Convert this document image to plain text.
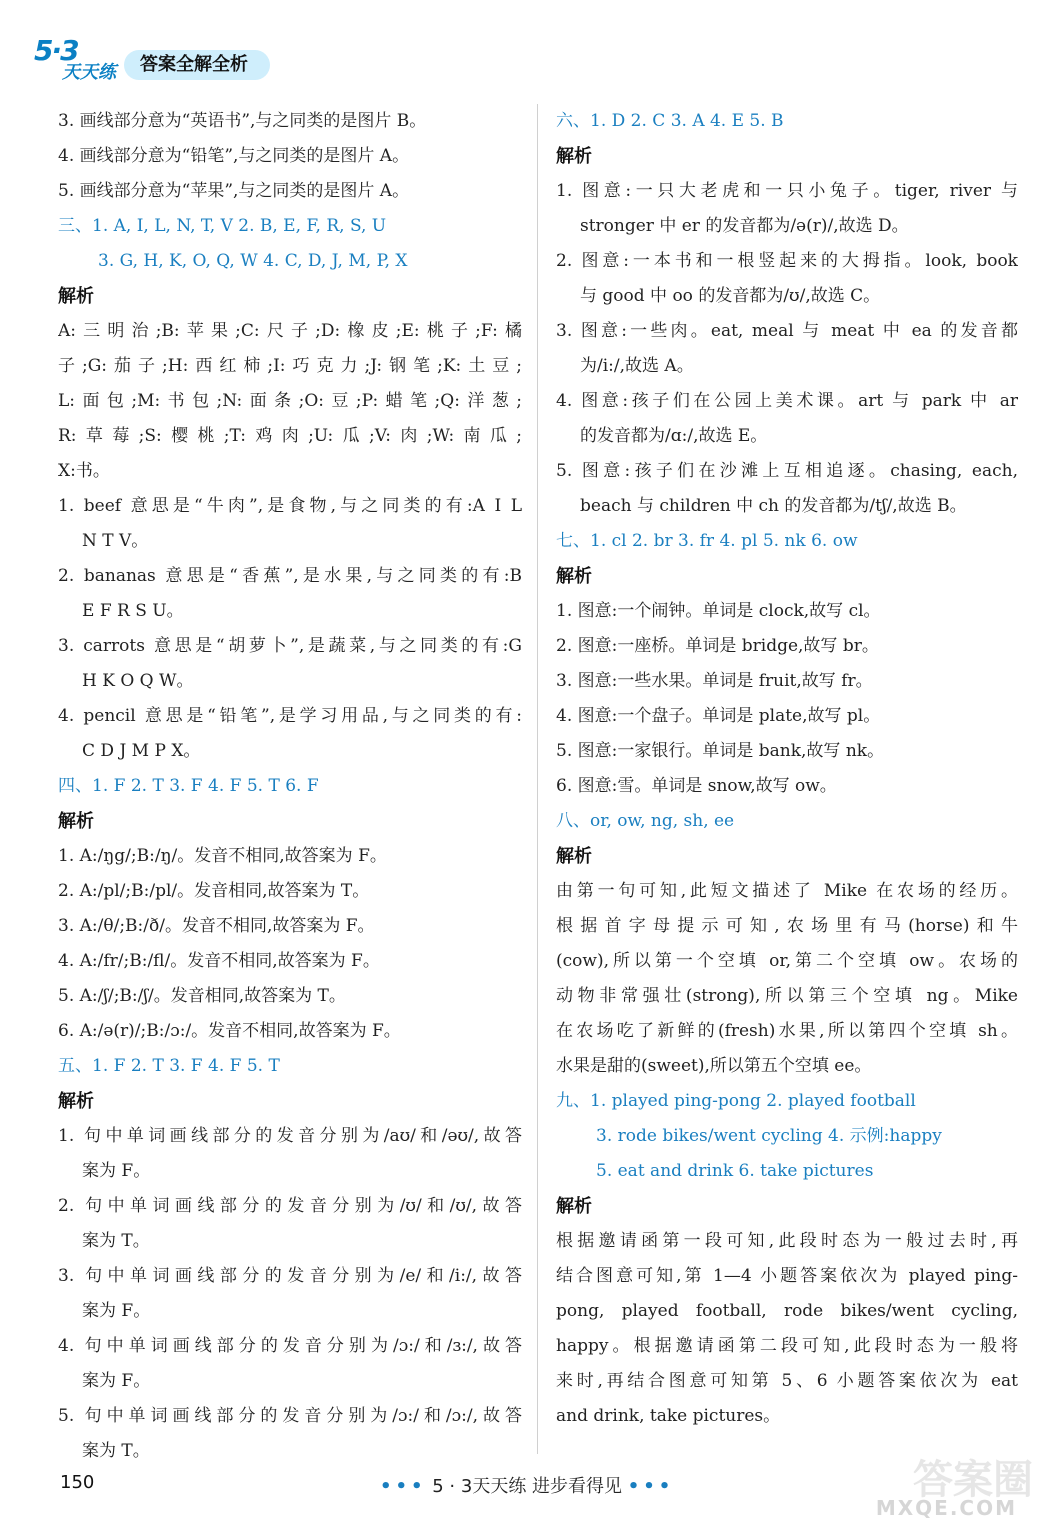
5·3
天天练	答案全解全析
3. 画线部分意为“英语书”,与之同类的是图片 B。
4. 画线部分意为“铅笔”,与之同类的是图片 A。
5. 画线部分意为“苹果”,与之同类的是图片 A。
三、1. A, I, L, N, T, V 2. B, E, F, R, S, U
3. G, H, K, O, Q, W 4. C, D, J, M, P, X
解析
A:三明治;B:苹果;C:尺子;D:橡皮;E:桃子;F:橘
子;G:茄子;H:西红柿;I:巧克力;J:钢笔;K:土豆;
L:面包;M:书包;N:面条;O:豆;P:蜡笔;Q:洋葱;
R:草莓;S:樱桃;T:鸡肉;U:瓜;V:肉;W:南瓜;
X:书。
1. beef 意思是“牛肉”,是食物,与之同类的有:A I L
N T V。
2. bananas 意思是“香蕉”,是水果,与之同类的有:B
E F R S U。
3. carrots 意思是“胡萝卜”,是蔬菜,与之同类的有:G
H K O Q W。
4. pencil 意思是“铅笔”,是学习用品,与之同类的有:
C D J M P X。
四、1. F 2. T 3. F 4. F 5. T 6. F
解析
1. A:/ŋg/;B:/ŋ/。发音不相同,故答案为 F。
2. A:/pl/;B:/pl/。发音相同,故答案为 T。
3. A:/θ/;B:/ð/。发音不相同,故答案为 F。
4. A:/fr/;B:/fl/。发音不相同,故答案为 F。
5. A:/ʃ/;B:/ʃ/。发音相同,故答案为 T。
6. A:/ə(r)/;B:/ɔ:/。发音不相同,故答案为 F。
五、1. F 2. T 3. F 4. F 5. T
解析
1. 句中单词画线部分的发音分别为/aʊ/和/əʊ/,故答
案为 F。
2. 句中单词画线部分的发音分别为/ʊ/和/ʊ/,故答
案为 T。
3. 句中单词画线部分的发音分别为/e/和/i:/,故答
案为 F。
4. 句中单词画线部分的发音分别为/ɔ:/和/ɜ:/,故答
案为 F。
5. 句中单词画线部分的发音分别为/ɔ:/和/ɔ:/,故答
案为 T。
六、1. D 2. C 3. A 4. E 5. B
解析
1. 图意:一只大老虎和一只小兔子。tiger, river 与
stronger 中 er 的发音都为/ə(r)/,故选 D。
2. 图意:一本书和一根竖起来的大拇指。look, book
与 good 中 oo 的发音都为/ʊ/,故选 C。
3. 图意:一些肉。eat, meal 与 meat 中 ea 的发音都
为/i:/,故选 A。
4. 图意:孩子们在公园上美术课。art 与 park 中 ar
的发音都为/ɑ:/,故选 E。
5. 图意:孩子们在沙滩上互相追逐。chasing, each,
beach 与 children 中 ch 的发音都为/tʃ/,故选 B。
七、1. cl 2. br 3. fr 4. pl 5. nk 6. ow
解析
1. 图意:一个闹钟。单词是 clock,故写 cl。
2. 图意:一座桥。单词是 bridge,故写 br。
3. 图意:一些水果。单词是 fruit,故写 fr。
4. 图意:一个盘子。单词是 plate,故写 pl。
5. 图意:一家银行。单词是 bank,故写 nk。
6. 图意:雪。单词是 snow,故写 ow。
八、or, ow, ng, sh, ee
解析
由第一句可知,此短文描述了 Mike 在农场的经历。
根据首字母提示可知,农场里有马(horse)和牛
(cow),所以第一个空填 or,第二个空填 ow。农场的
动物非常强壮(strong),所以第三个空填 ng。Mike
在农场吃了新鲜的(fresh)水果,所以第四个空填 sh。
水果是甜的(sweet),所以第五个空填 ee。
九、1. played ping-pong 2. played football
3. rode bikes/went cycling 4. 示例:happy
5. eat and drink 6. take pictures
解析
根据邀请函第一段可知,此段时态为一般过去时,再
结合图意可知,第 1—4 小题答案依次为 played ping-
pong, played football, rode bikes/went cycling,
happy。根据邀请函第二段可知,此段时态为一般将
来时,再结合图意可知第 5、6 小题答案依次为 eat
and drink, take pictures。
150	••• 5 · 3天天练 进步看得见 •••	答案圈
MXQE.COM
